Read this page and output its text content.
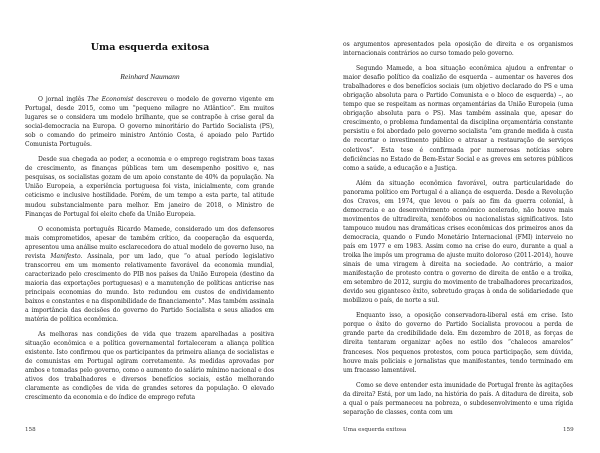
Uma esquerda exitosa
Reinhard Naumann

O jornal inglês The Economist descreveu o modelo de governo vigente em Portugal, desde 2015, como um “pequeno milagre no Atlântico”. Em muitos lugares se o considera um modelo brilhante, que se contrapõe à crise geral da social-democracia na Europa. O governo minoritário do Partido Socialista (PS), sob o comando do primeiro ministro António Costa, é apoiado pelo Partido Comunista Português.

Desde sua chegada ao poder, a economia e o emprego registram boas taxas de crescimento, as finanças públicas tem um desempenho positivo e, nas pesquisas, os socialistas gozam de um apoio constante de 40% da população. Na União Europeia, a experiência portuguesa foi vista, inicialmente, com grande ceticismo e inclusive hostilidade. Porém, de um tempo a esta parte, tal atitude mudou substancialmente para melhor. Em janeiro de 2018, o Ministro de Finanças de Portugal foi eleito chefe da União Europeia.

O economista português Ricardo Mamede, considerado um dos defensores mais comprometidos, apesar de também crítico, da cooperação da esquerda, apresentou uma análise muito esclarecedora do atual modelo de governo luso, na revista Manifesto. Assinala, por um lado, que “o atual período legislativo transcorreu em um momento relativamente favorável da economia mundial, caracterizado pelo crescimento do PIB nos países da União Europeia (destino da maioria das exportações portuguesas) e a manutenção de políticas anticrise nas principais economias do mundo. Isto redundou em custos de endividamento baixos e constantes e na disponibilidade de financiamento”. Mas também assinala a importância das decisões do governo do Partido Socialista e seus aliados em matéria de política econômica.

As melhoras nas condições de vida que trazem aparelhadas a positiva situação econômica e a política governamental fortaleceram a aliança política existente. Isto confirmou que os participantes da primeira aliança de socialistas e de comunistas em Portugal agiram corretamente. As medidas aprovadas por ambos e tomadas pelo governo, como o aumento do salário mínimo nacional e dos ativos dos trabalhadores e diversos benefícios sociais, estão melhorando claramente as condições de vida de grandes setores da população. O elevado crescimento da economia e do índice de emprego refuta

158

os argumentos apresentados pela oposição de direita e os organismos internacionais contrários ao curso tomado pelo governo.

Segundo Mamede, a boa situação econômica ajudou a enfrentar o maior desafio político da coalizão de esquerda – aumentar os haveres dos trabalhadores e dos benefícios sociais (um objetivo declarado do PS e uma obrigação absoluta para o Partido Comunista e o bloco de esquerda) –, ao tempo que se respeitam as normas orçamentárias da União Europeia (uma obrigação absoluta para o PS). Mas também assinala que, apesar do crescimento, o problema fundamental da disciplina orçamentária constante persistiu e foi abordado pelo governo socialista “em grande medida à custa de recortar o investimento público e atrasar a restauração de serviços coletivos”. Esta tese é confirmada por numerosas notícias sobre deficiências no Estado de Bem-Estar Social e as greves em setores públicos como a saúde, a educação e a Justiça.

Além da situação econômica favorável, outra particularidade do panorama político em Portugal é a aliança de esquerda. Desde a Revolução dos Cravos, em 1974, que levou o país ao fim da guerra colonial, à democracia e ao desenvolvimento econômico acelerado, não houve mais movimentos de ultradireita, xenófobos ou nacionalistas significativos. Isto tampouco mudou nas dramáticas crises econômicas dos primeiros anos da democracia, quando o Fundo Monetário Internacional (FMI) interveio no país em 1977 e em 1983. Assim como na crise do euro, durante a qual a troika lhe impôs um programa de ajuste muito doloroso (2011-2014), houve sinais de uma viragem à direita na sociedade. Ao contrário, a maior manifestação de protesto contra o governo de direita de então e a troika, em setembro de 2012, surgiu do movimento de trabalhadores precarizados, devido seu gigantesco êxito, sobretudo graças à onda de solidariedade que mobilizou o país, de norte a sul.

Enquanto isso, a oposição conservadora-liberal está em crise. Isto porque o êxito do governo do Partido Socialista provocou a perda de grande parte da credibilidade dela. Em dezembro de 2018, as forças de direita tentaram organizar ações no estilo dos “chalecos amarelos” franceses. Nos pequenos protestos, com pouca participação, sem dúvida, houve mais policiais e jornalistas que manifestantes, tendo terminado em um fracasso lamentável.

Como se deve entender esta imunidade de Portugal frente às agitações da direita? Está, por um lado, na história do país. A ditadura de direita, sob a qual o país permaneceu na pobreza, o subdesenvolvimento e uma rígida separação de classes, conta com um

Uma esquerda exitosa	159
